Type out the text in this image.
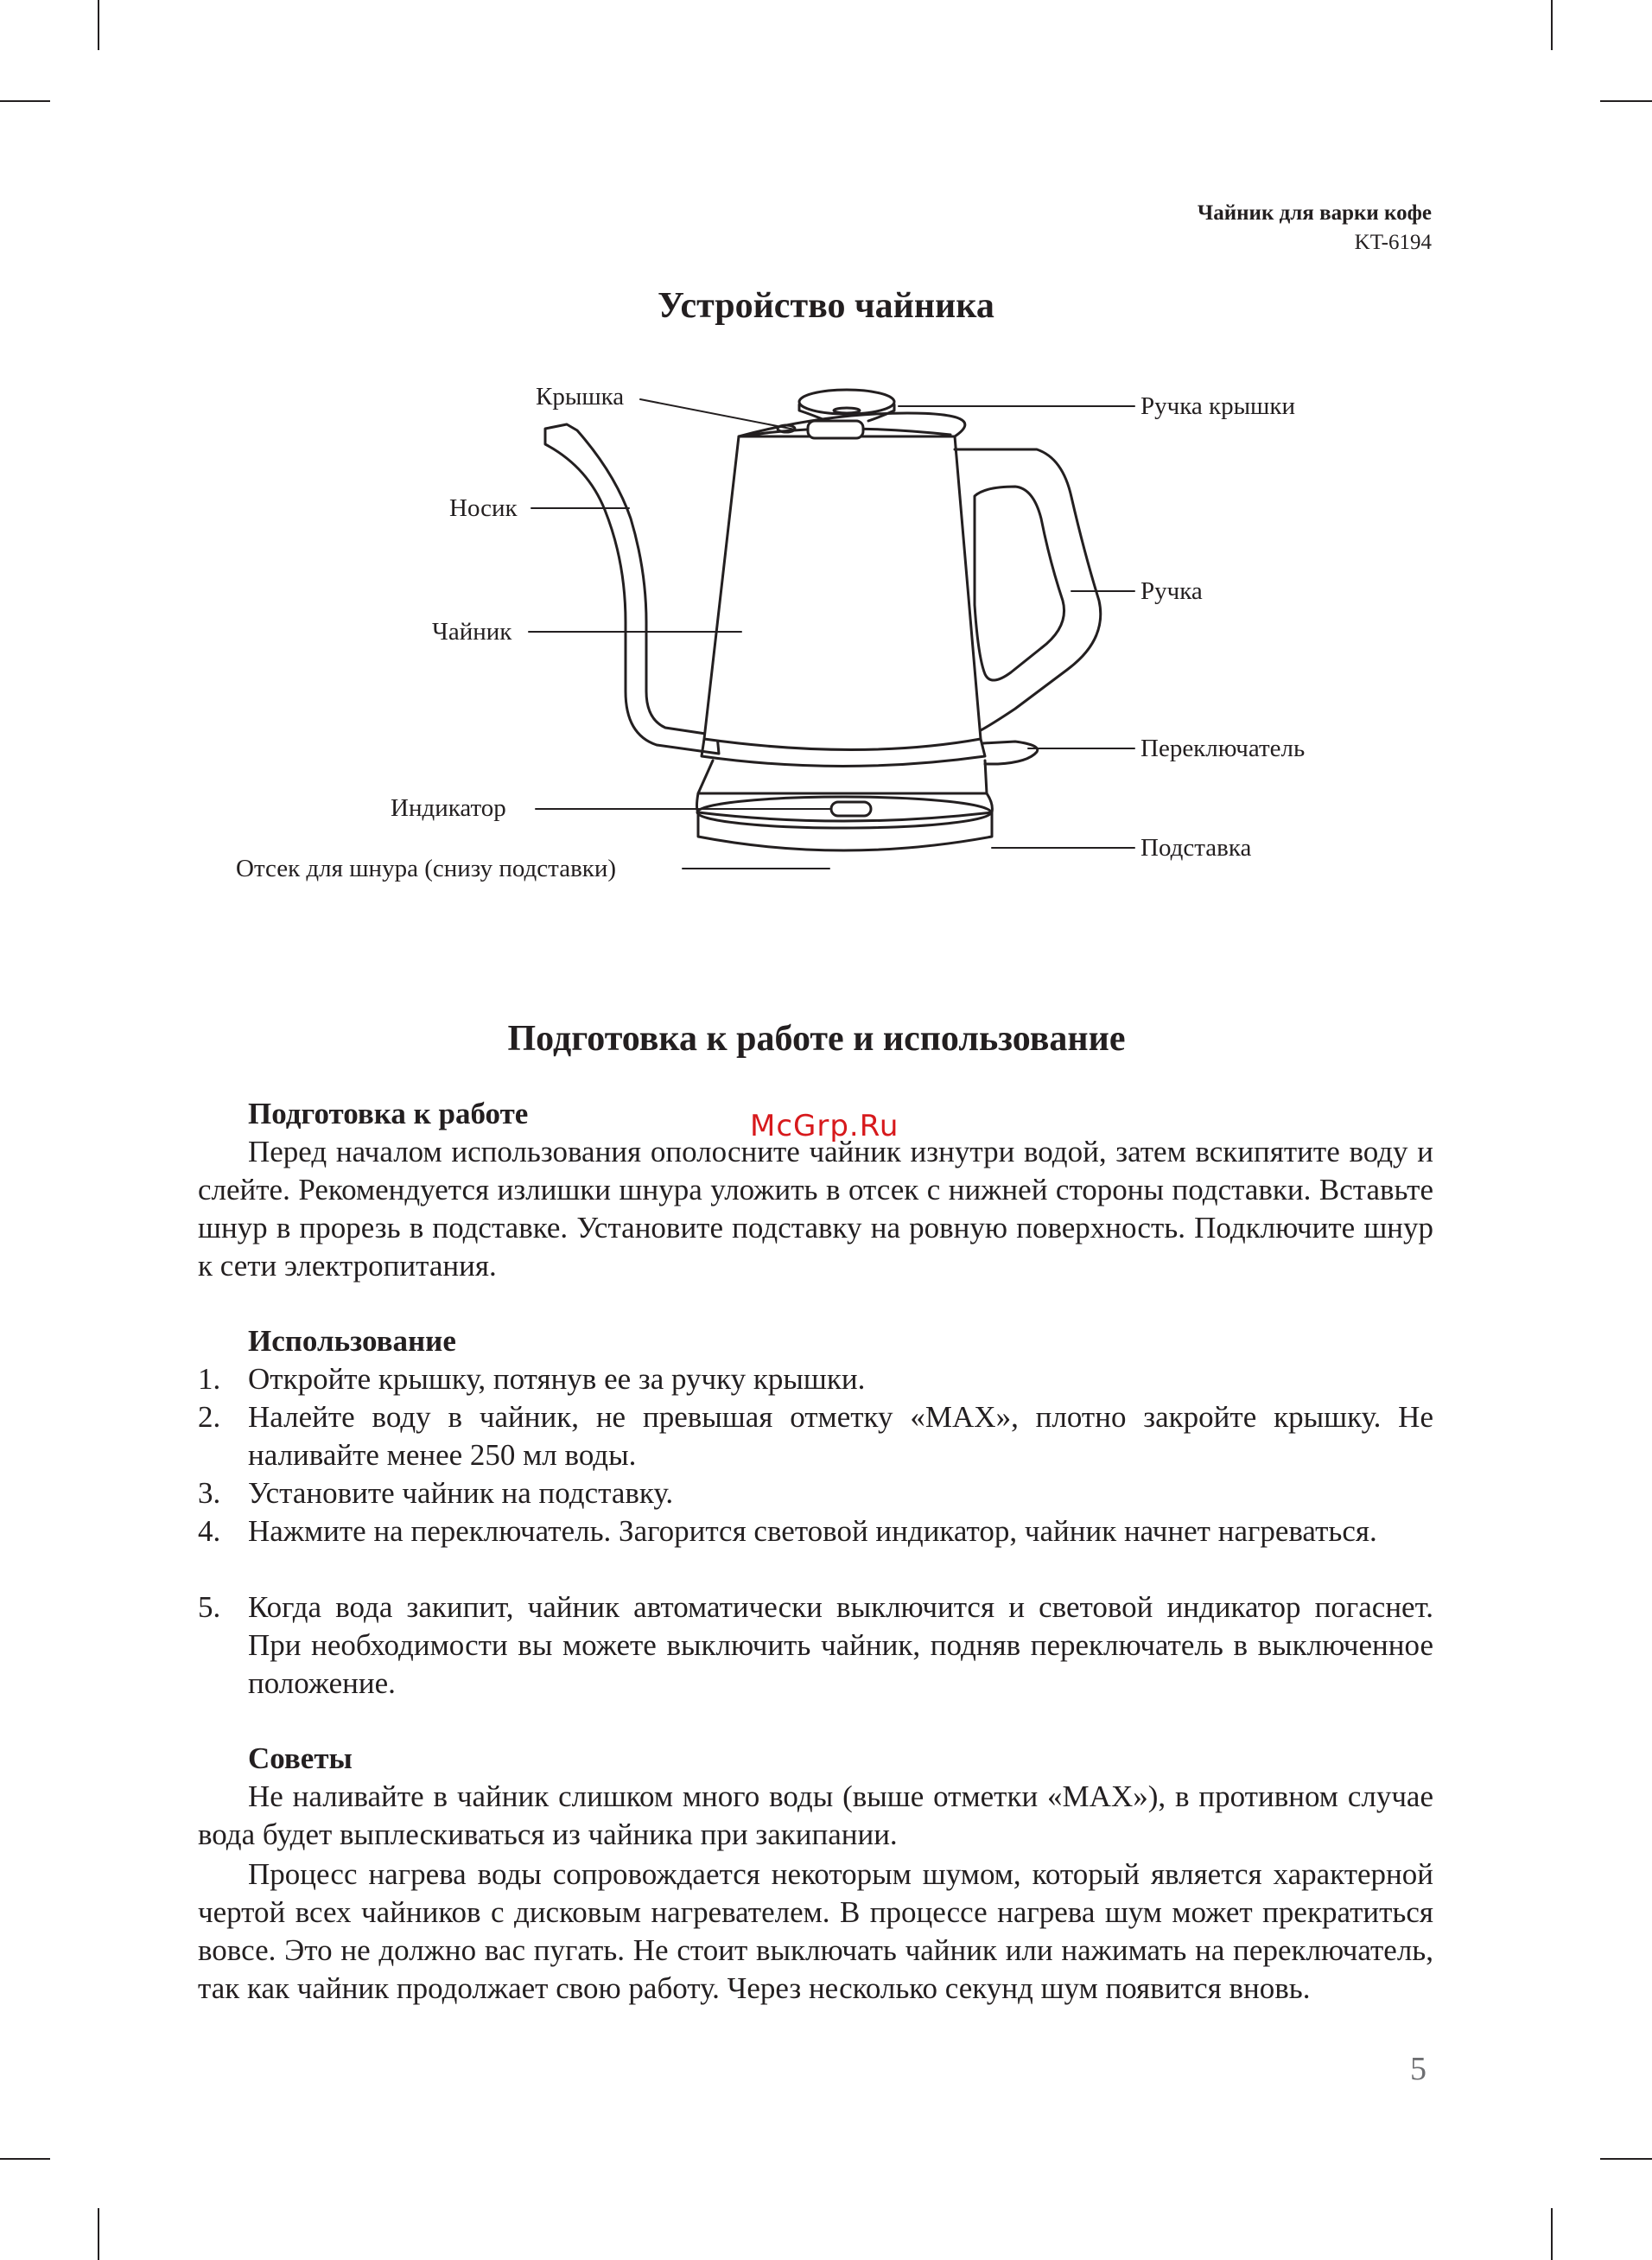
Чайник для варки кофе
KT-6194
Устройство чайника
Крышка
Носик
Чайник
Индикатор
Отсек для шнура (снизу подставки)
Ручка крышки
Ручка
Переключатель
Подставка
Подготовка к работе и использование
Подготовка к работе

Перед началом использования ополосните чайник изнутри водой, затем вскипятите воду и слейте. Рекомендуется излишки шнура уложить в отсек с нижней стороны подставки. Вставьте шнур в прорезь в подставке. Установите подставку на ровную поверхность. Подключите шнур к сети электропитания.

Использование
1. Откройте крышку, потянув ее за ручку крышки.
2. Налейте воду в чайник, не превышая отметку «MAX», плотно закройте крышку. Не наливайте менее 250 мл воды.
3. Установите чайник на подставку.
4. Нажмите на переключатель. Загорится световой индикатор, чайник начнет нагреваться.
5. Когда вода закипит, чайник автоматически выключится и световой индикатор погаснет. При необходимости вы можете выключить чайник, подняв переключатель в выключенное положение.
Советы

Не наливайте в чайник слишком много воды (выше отметки «MAX»), в противном случае вода будет выплескиваться из чайника при закипании.

Процесс нагрева воды сопровождается некоторым шумом, который является характерной чертой всех чайников с дисковым нагревателем. В процессе нагрева шум может прекратиться вовсе. Это не должно вас пугать. Не стоит выключать чайник или нажимать на переключатель, так как чайник продолжает свою работу. Через несколько секунд шум появится вновь.

McGrp.Ru
5
